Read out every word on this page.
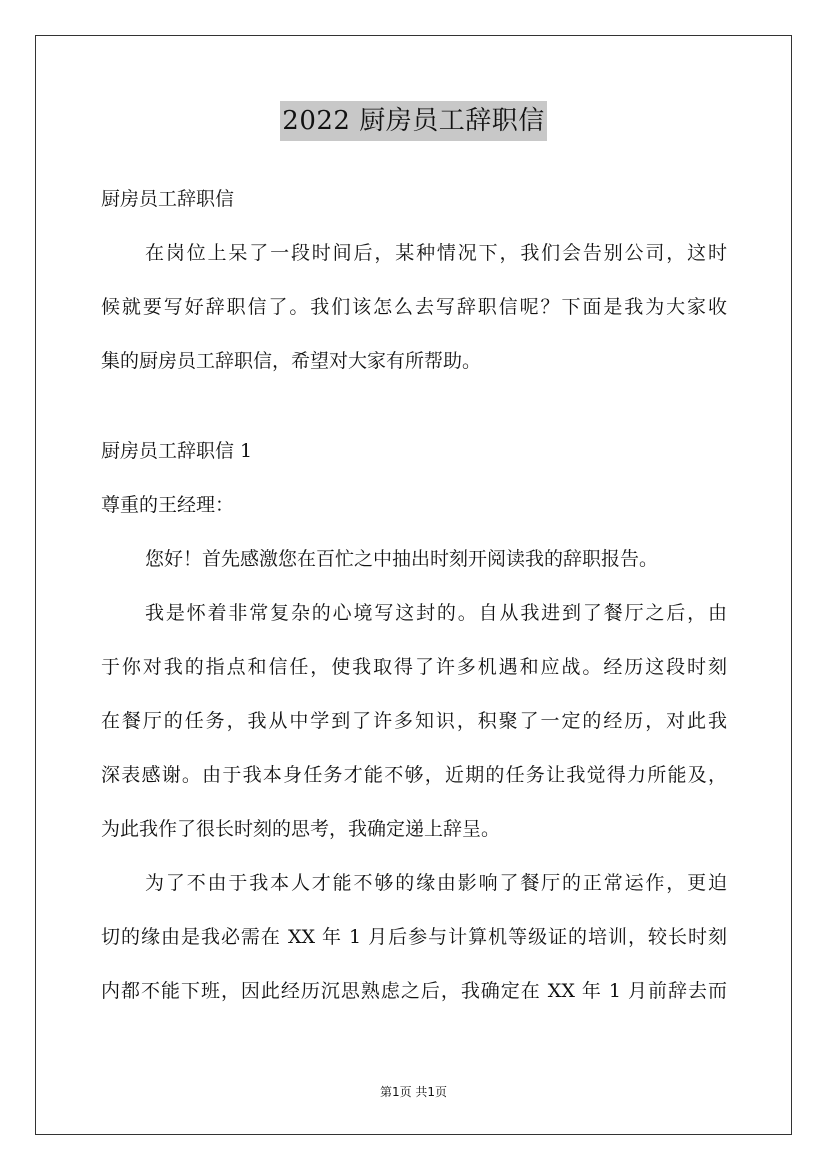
2022 厨房员工辞职信
厨房员工辞职信
在岗位上呆了一段时间后，某种情况下，我们会告别公司，这时
候就要写好辞职信了。我们该怎么去写辞职信呢？下面是我为大家收
集的厨房员工辞职信，希望对大家有所帮助。
厨房员工辞职信 1
尊重的王经理：
您好！首先感激您在百忙之中抽出时刻开阅读我的辞职报告。
我是怀着非常复杂的心境写这封的。自从我进到了餐厅之后，由
于你对我的指点和信任，使我取得了许多机遇和应战。经历这段时刻
在餐厅的任务，我从中学到了许多知识，积聚了一定的经历，对此我
深表感谢。由于我本身任务才能不够，近期的任务让我觉得力所能及，
为此我作了很长时刻的思考，我确定递上辞呈。
为了不由于我本人才能不够的缘由影响了餐厅的正常运作，更迫
切的缘由是我必需在 XX 年 1 月后参与计算机等级证的培训，较长时刻
内都不能下班，因此经历沉思熟虑之后，我确定在 XX 年 1 月前辞去而
第1页 共1页
